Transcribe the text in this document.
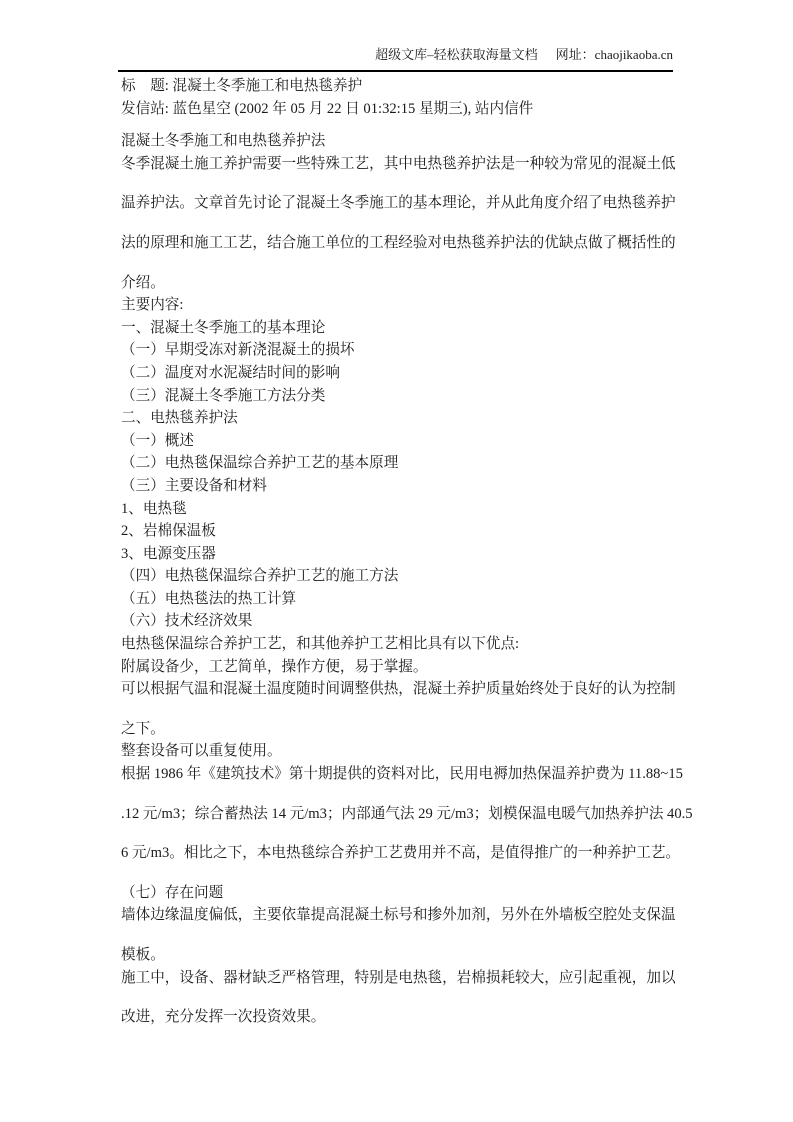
超级文库–轻松获取海量文档 网址：chaojikaoba.cn
标　题: 混凝土冬季施工和电热毯养护
发信站: 蓝色星空 (2002 年 05 月 22 日 01:32:15 星期三), 站内信件
混凝土冬季施工和电热毯养护法
冬季混凝土施工养护需要一些特殊工艺，其中电热毯养护法是一种较为常见的混凝土低
温养护法。文章首先讨论了混凝土冬季施工的基本理论，并从此角度介绍了电热毯养护
法的原理和施工工艺，结合施工单位的工程经验对电热毯养护法的优缺点做了概括性的
介绍。
主要内容:
一、混凝土冬季施工的基本理论
（一）早期受冻对新浇混凝土的损坏
（二）温度对水泥凝结时间的影响
（三）混凝土冬季施工方法分类
二、电热毯养护法
（一）概述
（二）电热毯保温综合养护工艺的基本原理
（三）主要设备和材料
1、电热毯
2、岩棉保温板
3、电源变压器
（四）电热毯保温综合养护工艺的施工方法
（五）电热毯法的热工计算
（六）技术经济效果
电热毯保温综合养护工艺，和其他养护工艺相比具有以下优点:
附属设备少，工艺简单，操作方便，易于掌握。
可以根据气温和混凝土温度随时间调整供热，混凝土养护质量始终处于良好的认为控制
之下。
整套设备可以重复使用。
根据 1986 年《建筑技术》第十期提供的资料对比，民用电褥加热保温养护费为 11.88~15
.12 元/m3；综合蓄热法 14 元/m3；内部通气法 29 元/m3；划模保温电暖气加热养护法 40.5
6 元/m3。相比之下，本电热毯综合养护工艺费用并不高，是值得推广的一种养护工艺。
（七）存在问题
墙体边缘温度偏低，主要依靠提高混凝土标号和掺外加剂，另外在外墙板空腔处支保温
模板。
施工中，设备、器材缺乏严格管理，特别是电热毯，岩棉损耗较大，应引起重视，加以
改进，充分发挥一次投资效果。
